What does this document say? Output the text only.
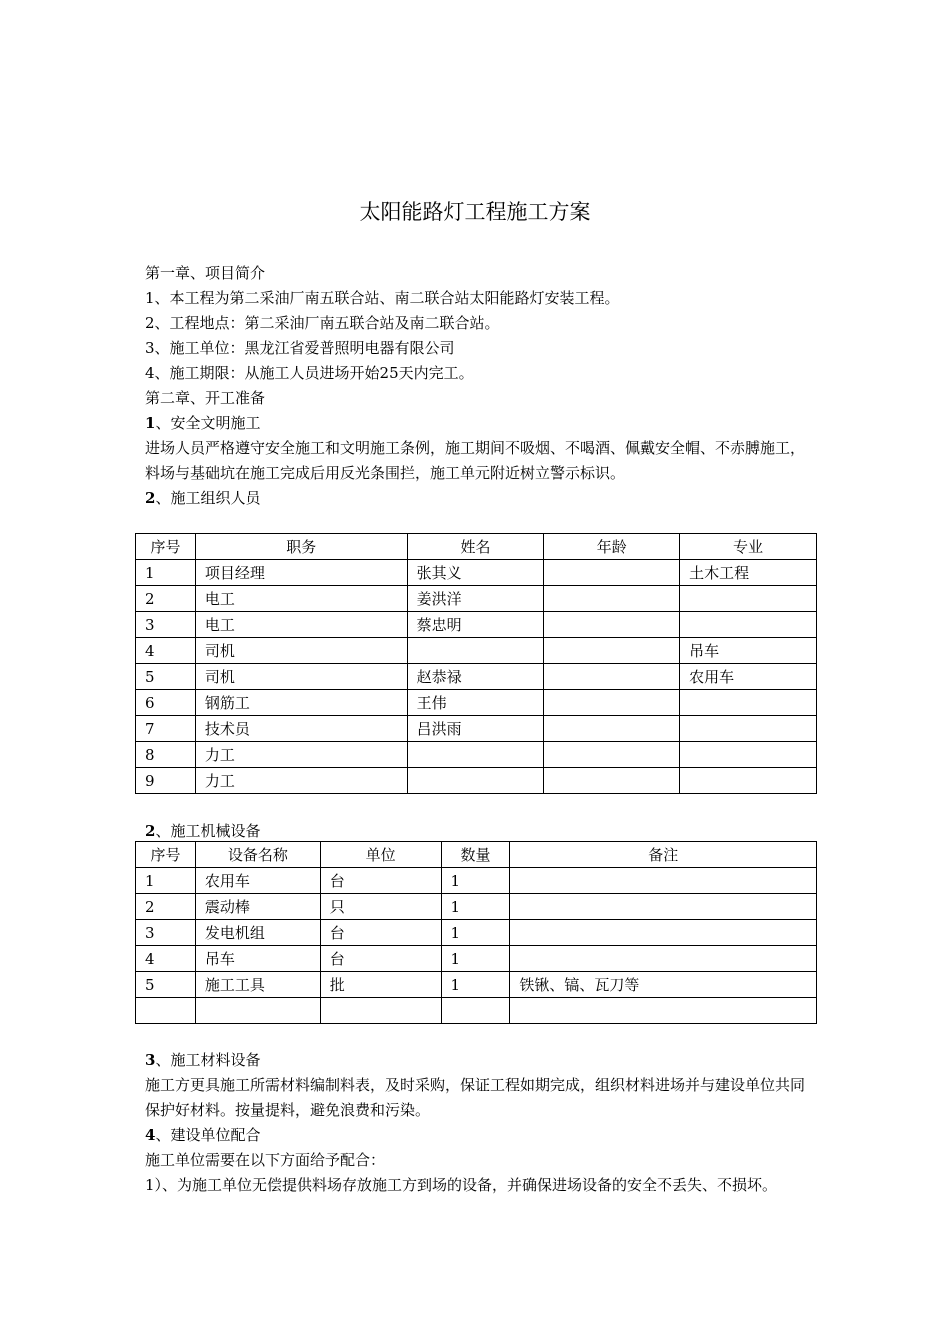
太阳能路灯工程施工方案
第一章、项目简介
1、本工程为第二采油厂南五联合站、南二联合站太阳能路灯安装工程。
2、工程地点：第二采油厂南五联合站及南二联合站。
3、施工单位：黑龙江省爱普照明电器有限公司
4、施工期限：从施工人员进场开始25天内完工。
第二章、开工准备
1、安全文明施工
进场人员严格遵守安全施工和文明施工条例，施工期间不吸烟、不喝酒、佩戴安全帽、不赤膊施工，料场与基础坑在施工完成后用反光条围拦，施工单元附近树立警示标识。
2、施工组织人员
序号	职务	姓名	年龄	专业
1	项目经理	张其义		土木工程
2	电工	姜洪洋		
3	电工	蔡忠明		
4	司机			吊车
5	司机	赵恭禄		农用车
6	钢筋工	王伟		
7	技术员	吕洪雨		
8	力工			
9	力工			
2、施工机械设备
序号	设备名称	单位	数量	备注
1	农用车	台	1	
2	震动棒	只	1	
3	发电机组	台	1	
4	吊车	台	1	
5	施工工具	批	1	铁锹、镐、瓦刀等

3、施工材料设备
施工方更具施工所需材料编制料表，及时采购，保证工程如期完成，组织材料进场并与建设单位共同保护好材料。按量提料，避免浪费和污染。
4、建设单位配合
施工单位需要在以下方面给予配合：
1）、为施工单位无偿提供料场存放施工方到场的设备，并确保进场设备的安全不丢失、不损坏。
